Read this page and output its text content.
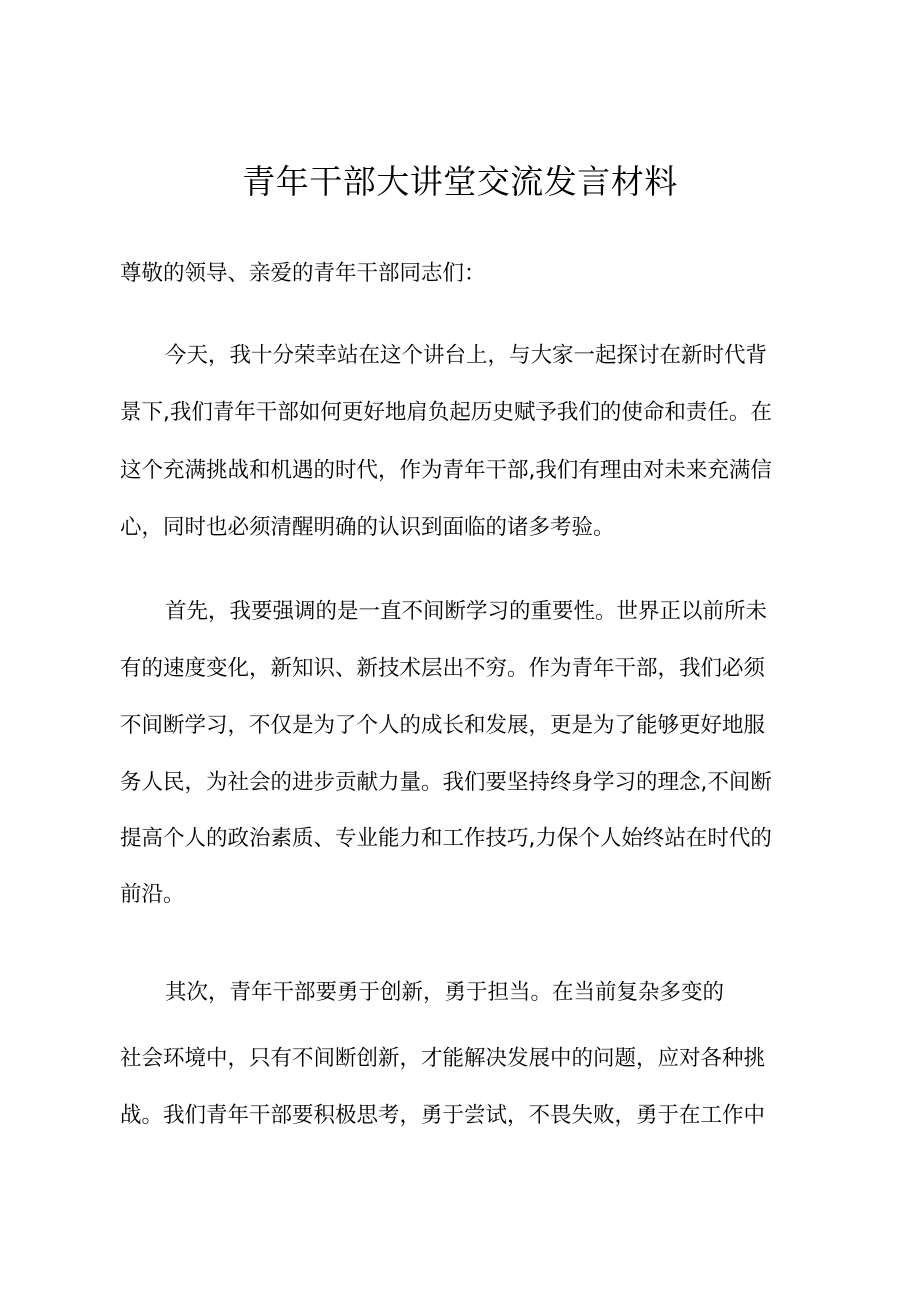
青年干部大讲堂交流发言材料
尊敬的领导、亲爱的青年干部同志们：
今天，我十分荣幸站在这个讲台上，与大家一起探讨在新时代背
景下,我们青年干部如何更好地肩负起历史赋予我们的使命和责任。在
这个充满挑战和机遇的时代，作为青年干部,我们有理由对未来充满信
心，同时也必须清醒明确的认识到面临的诸多考验。
首先，我要强调的是一直不间断学习的重要性。世界正以前所未
有的速度变化，新知识、新技术层出不穷。作为青年干部，我们必须
不间断学习，不仅是为了个人的成长和发展，更是为了能够更好地服
务人民，为社会的进步贡献力量。我们要坚持终身学习的理念,不间断
提高个人的政治素质、专业能力和工作技巧,力保个人始终站在时代的
前沿。
其次，青年干部要勇于创新，勇于担当。在当前复杂多变的
社会环境中，只有不间断创新，才能解决发展中的问题，应对各种挑
战。我们青年干部要积极思考，勇于尝试，不畏失败，勇于在工作中
